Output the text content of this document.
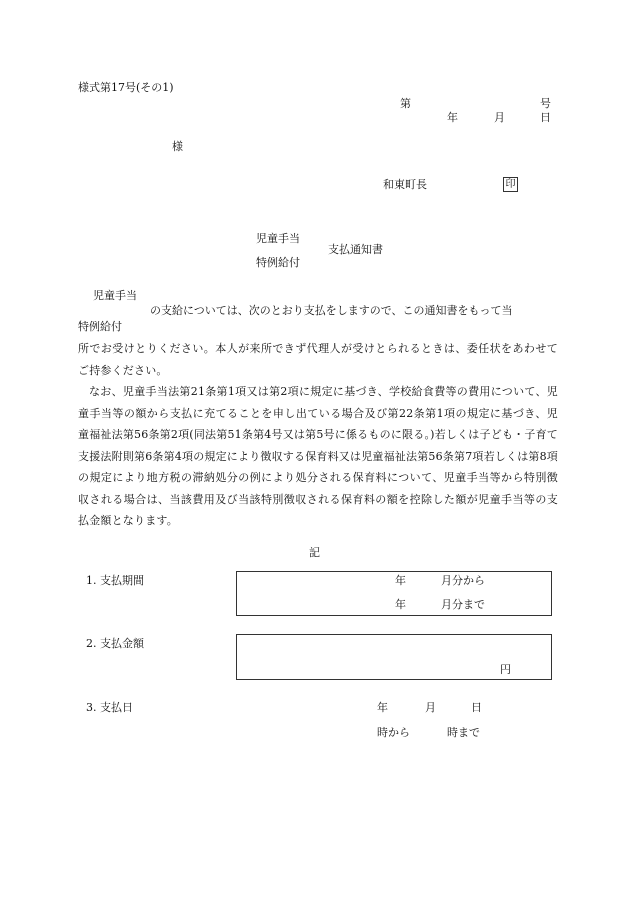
様式第17号(その1)
第	号
年	月	日
様
和東町長	印
児童手当
特例給付
支払通知書
児童手当
特例給付
の支給については、次のとおり支払をしますので、この通知書をもって当
所でお受けとりください。本人が来所できず代理人が受けとられるときは、委任状をあわせてご持参ください。
なお、児童手当法第21条第1項又は第2項に規定に基づき、学校給食費等の費用について、児童手当等の額から支払に充てることを申し出ている場合及び第22条第1項の規定に基づき、児童福祉法第56条第2項(同法第51条第4号又は第5号に係るものに限る。)若しくは子ども・子育て支援法附則第6条第4項の規定により徴収する保育料又は児童福祉法第56条第7項若しくは第8項の規定により地方税の滞納処分の例により処分される保育料について、児童手当等から特別徴収される場合は、当該費用及び当該特別徴収される保育料の額を控除した額が児童手当等の支払金額となります。
記
1. 支払期間	年	月分から
年	月分まで
2. 支払金額
円
3. 支払日	年	月	日
時から	時まで
